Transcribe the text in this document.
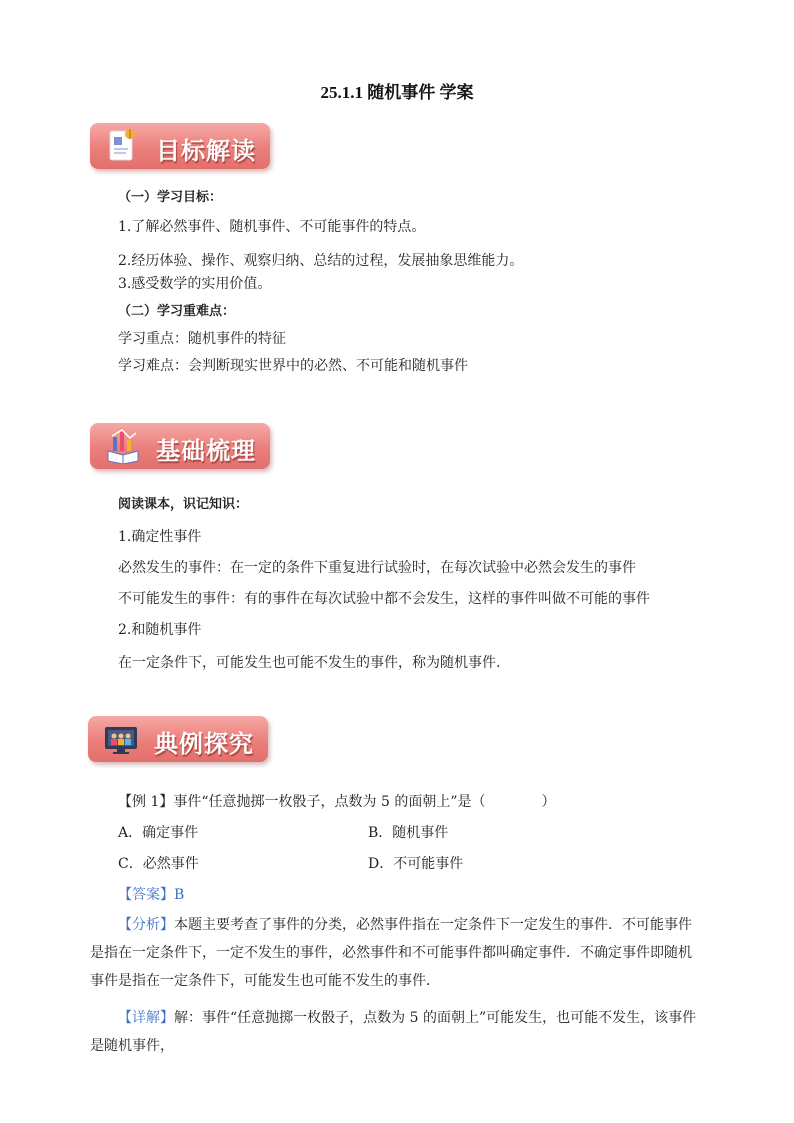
25.1.1 随机事件 学案
目标解读
（一）学习目标：
1.了解必然事件、随机事件、不可能事件的特点。
2.经历体验、操作、观察归纳、总结的过程，发展抽象思维能力。
3.感受数学的实用价值。
（二）学习重难点：
学习重点：随机事件的特征
学习难点：会判断现实世界中的必然、不可能和随机事件
基础梳理
阅读课本，识记知识：
1.确定性事件
必然发生的事件：在一定的条件下重复进行试验时，在每次试验中必然会发生的事件
不可能发生的事件：有的事件在每次试验中都不会发生，这样的事件叫做不可能的事件
2.和随机事件
在一定条件下，可能发生也可能不发生的事件，称为随机事件.
典例探究
【例 1】事件“任意抛掷一枚骰子，点数为 5 的面朝上”是（　　　　）
A．确定事件	B．随机事件
C．必然事件	D．不可能事件
【答案】B
【分析】本题主要考查了事件的分类，必然事件指在一定条件下一定发生的事件．不可能事件是指在一定条件下，一定不发生的事件，必然事件和不可能事件都叫确定事件．不确定事件即随机事件是指在一定条件下，可能发生也可能不发生的事件．
【详解】解：事件“任意抛掷一枚骰子，点数为 5 的面朝上”可能发生，也可能不发生，该事件是随机事件，
